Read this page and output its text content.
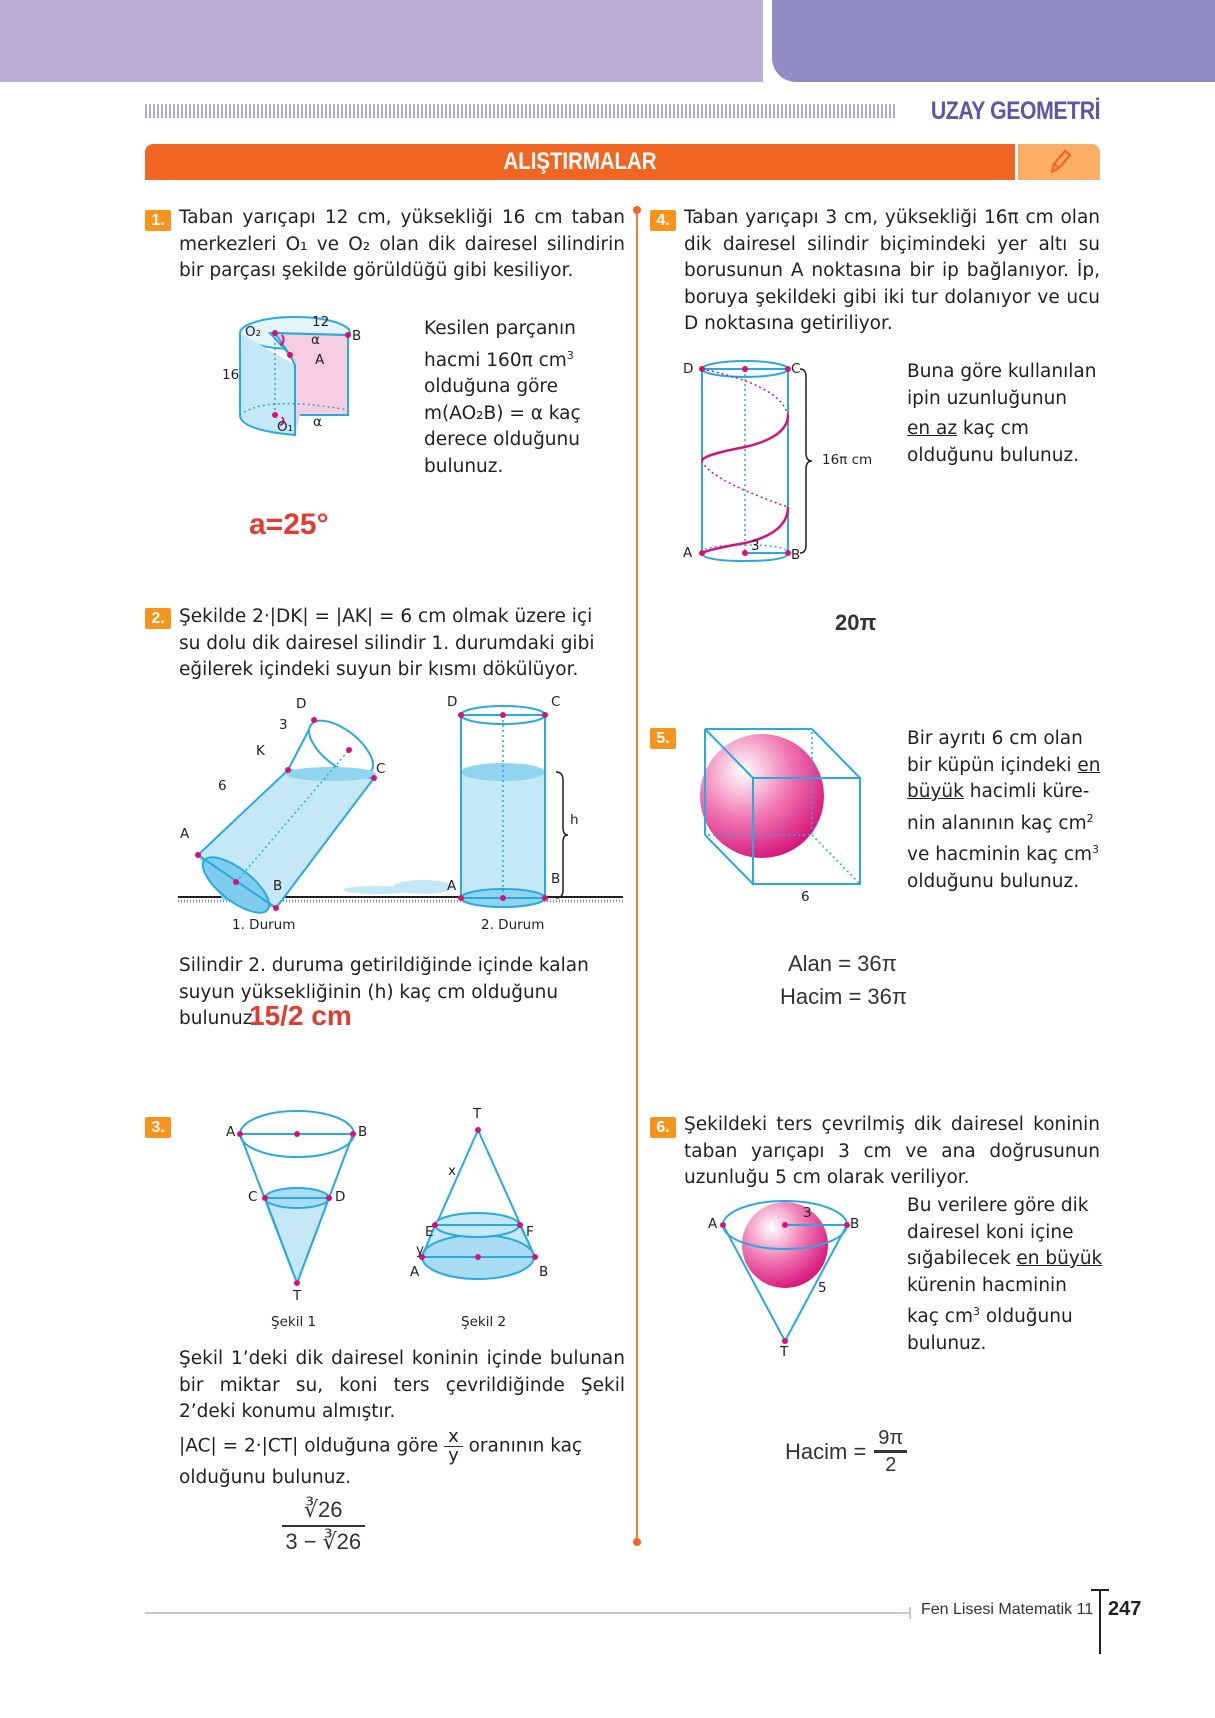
UZAY GEOMETRİ
ALIŞTIRMALAR
1. Taban yarıçapı 12 cm, yüksekliği 16 cm taban merkezleri O₁ ve O₂ olan dik dairesel silindirin bir parçası şekilde görüldüğü gibi kesiliyor.
O₂
12
B
α
A
16
O₁ α
Kesilen parçanın
hacmi 160π $cm^3$
olduğuna göre
m(AO₂B) = α kaç
derece olduğunu
bulunuz.
a=25°
2. Şekilde 2·|DK| = |AK| = 6 cm olmak üzere içi su dolu dik dairesel silindir 1. durumdaki gibi eğilerek içindeki suyun bir kısmı dökülüyor.
D
3
K
C
6
A
B
D	C
h
A	B
1. Durum	2. Durum
Silindir 2. duruma getirildiğinde içinde kalan suyun yüksekliğinin (h) kaç cm olduğunu bulunuz.
15/2 cm
3.	A	B
C	D
T
T
x
E	F
y
A	B
Şekil 1	Şekil 2
Şekil 1’deki dik dairesel koninin içinde bulunan bir miktar su, koni ters çevrildiğinde Şekil 2’deki konumu almıştır.
|AC| = 2·|CT| olduğuna göre $\frac{x}{y}$ oranının kaç olduğunu bulunuz.
∛26
3 − ∛26
4. Taban yarıçapı 3 cm, yüksekliği 16π cm olan dik dairesel silindir biçimindeki yer altı su borusunun A noktasına bir ip bağlanıyor. İp, boruya şekildeki gibi iki tur dolanıyor ve ucu D noktasına getiriliyor.
D	C
16π cm
3
A	B
Buna göre kullanılan
ipin uzunluğunun
en az kaç cm
olduğunu bulunuz.
20π
5.
6
Bir ayrıtı 6 cm olan
bir küpün içindeki en
büyük hacimli küre-
nin alanının kaç $cm^2$
ve hacminin kaç $cm^3$
olduğunu bulunuz.
Alan = 36π
Hacim = 36π
6. Şekildeki ters çevrilmiş dik dairesel koninin taban yarıçapı 3 cm ve ana doğrusunun uzunluğu 5 cm olarak veriliyor.
A
3
B
5
T
Bu verilere göre dik
dairesel koni içine
sığabilecek en büyük
kürenin hacminin
kaç $cm^3$ olduğunu
bulunuz.
Hacim = $\frac{9\pi}{2}$
Fen Lisesi Matematik 11 247
